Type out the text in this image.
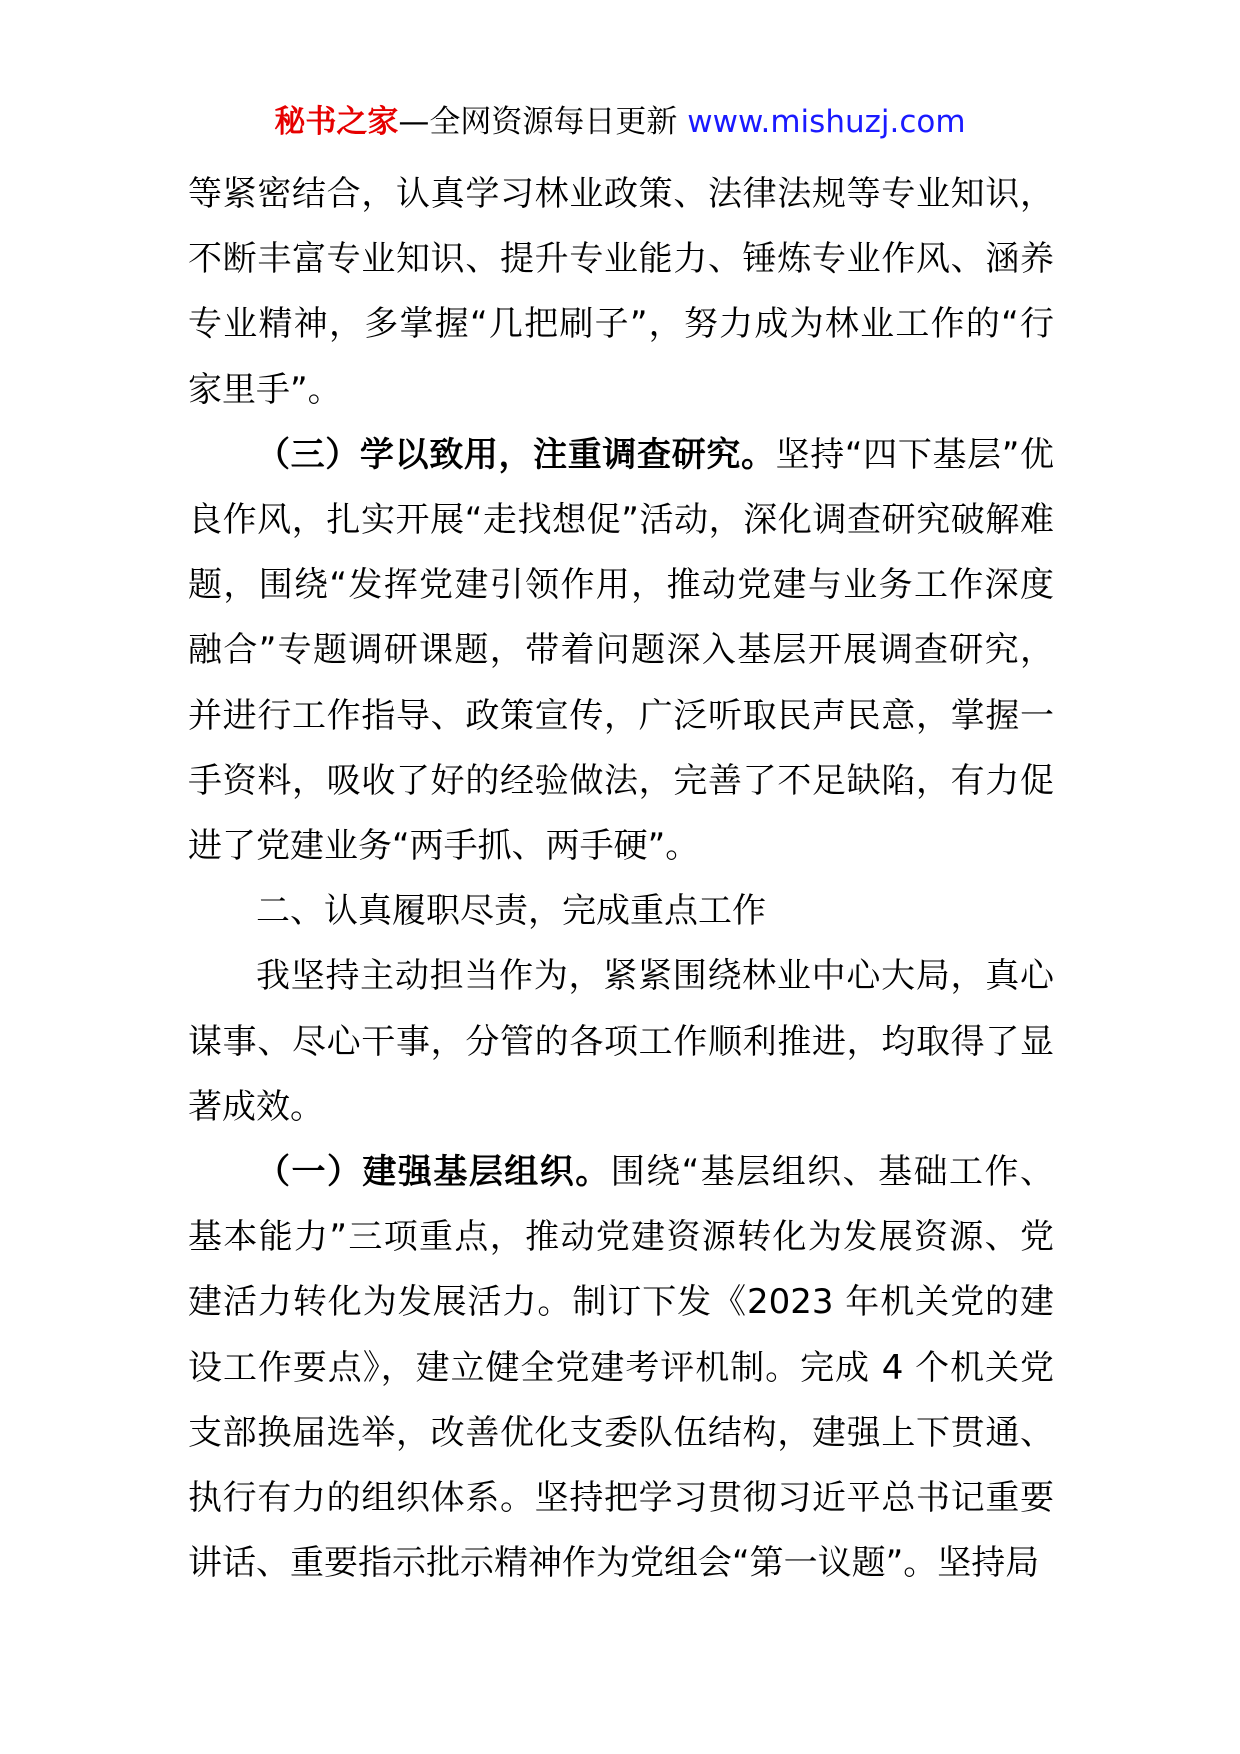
秘书之家—全网资源每日更新 www.mishuzj.com

等紧密结合，认真学习林业政策、法律法规等专业知识，不断丰富专业知识、提升专业能力、锤炼专业作风、涵养专业精神，多掌握“几把刷子”，努力成为林业工作的“行家里手”。

（三）学以致用，注重调查研究。坚持“四下基层”优良作风，扎实开展“走找想促”活动，深化调查研究破解难题，围绕“发挥党建引领作用，推动党建与业务工作深度融合”专题调研课题，带着问题深入基层开展调查研究，并进行工作指导、政策宣传，广泛听取民声民意，掌握一手资料，吸收了好的经验做法，完善了不足缺陷，有力促进了党建业务“两手抓、两手硬”。

二、认真履职尽责，完成重点工作

我坚持主动担当作为，紧紧围绕林业中心大局，真心谋事、尽心干事，分管的各项工作顺利推进，均取得了显著成效。

（一）建强基层组织。围绕“基层组织、基础工作、基本能力”三项重点，推动党建资源转化为发展资源、党建活力转化为发展活力。制订下发《2023 年机关党的建设工作要点》，建立健全党建考评机制。完成 4 个机关党支部换届选举，改善优化支委队伍结构，建强上下贯通、执行有力的组织体系。坚持把学习贯彻习近平总书记重要讲话、重要指示批示精神作为党组会“第一议题”。坚持局
